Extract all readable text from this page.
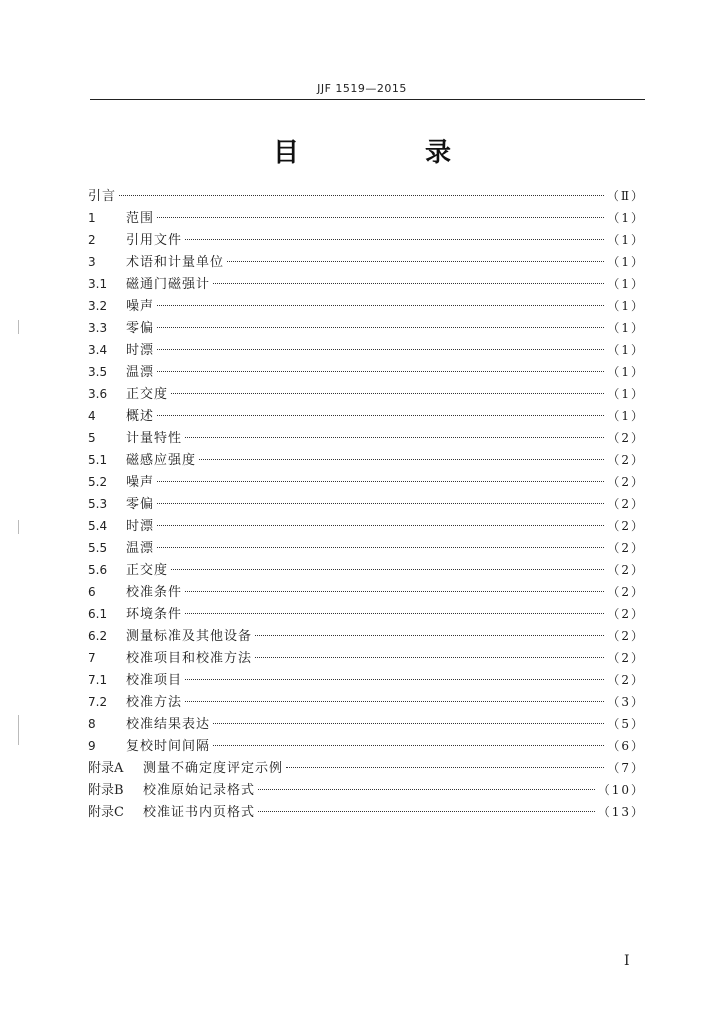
JJF 1519—2015
目　录
引言	（Ⅱ）
1	范围	（1）
2	引用文件	（1）
3	术语和计量单位	（1）
3.1	磁通门磁强计	（1）
3.2	噪声	（1）
3.3	零偏	（1）
3.4	时漂	（1）
3.5	温漂	（1）
3.6	正交度	（1）
4	概述	（1）
5	计量特性	（2）
5.1	磁感应强度	（2）
5.2	噪声	（2）
5.3	零偏	（2）
5.4	时漂	（2）
5.5	温漂	（2）
5.6	正交度	（2）
6	校准条件	（2）
6.1	环境条件	（2）
6.2	测量标准及其他设备	（2）
7	校准项目和校准方法	（2）
7.1	校准项目	（2）
7.2	校准方法	（3）
8	校准结果表达	（5）
9	复校时间间隔	（6）
附录A	测量不确定度评定示例	（7）
附录B	校准原始记录格式	（10）
附录C	校准证书内页格式	（13）
I
